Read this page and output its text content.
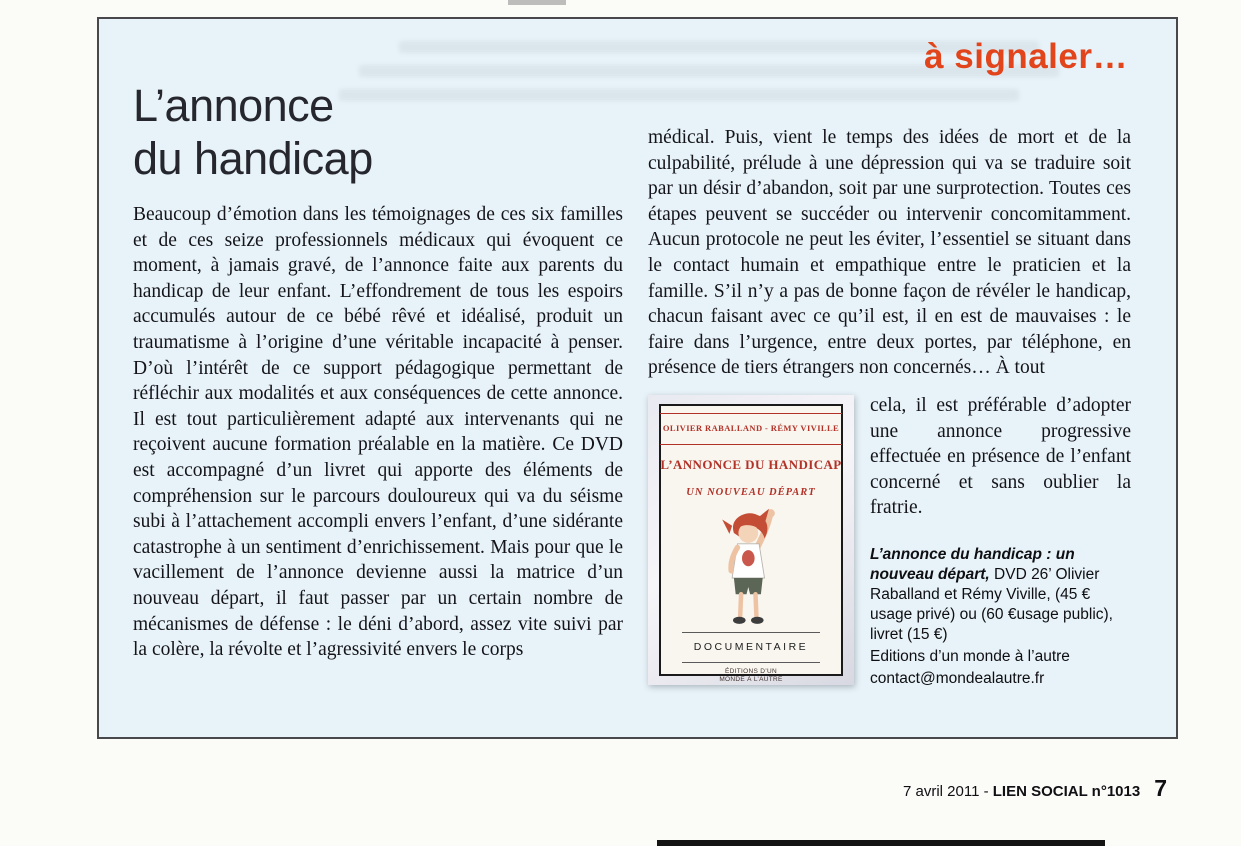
à signaler…
L’annonce
du handicap

Beaucoup d’émotion dans les témoignages de ces six familles et de ces seize professionnels médicaux qui évoquent ce moment, à jamais gravé, de l’annonce faite aux parents du handicap de leur enfant. L’effondrement de tous les espoirs accumulés autour de ce bébé rêvé et idéalisé, produit un traumatisme à l’origine d’une véritable incapacité à penser. D’où l’intérêt de ce support pédagogique permettant de réfléchir aux modalités et aux conséquences de cette annonce. Il est tout particulièrement adapté aux intervenants qui ne reçoivent aucune formation préalable en la matière. Ce DVD est accompagné d’un livret qui apporte des éléments de compréhension sur le parcours douloureux qui va du séisme subi à l’attachement accompli envers l’enfant, d’une sidérante catastrophe à un sentiment d’enrichissement. Mais pour que le vacillement de l’annonce devienne aussi la matrice d’un nouveau départ, il faut passer par un certain nombre de mécanismes de défense : le déni d’abord, assez vite suivi par la colère, la révolte et l’agressivité envers le corps

médical. Puis, vient le temps des idées de mort et de la culpabilité, prélude à une dépression qui va se traduire soit par un désir d’abandon, soit par une surprotection. Toutes ces étapes peuvent se succéder ou intervenir concomitamment. Aucun protocole ne peut les éviter, l’essentiel se situant dans le contact humain et empathique entre le praticien et la famille. S’il n’y a pas de bonne façon de révéler le handicap, chacun faisant avec ce qu’il est, il en est de mauvaises : le faire dans l’urgence, entre deux portes, par téléphone, en présence de tiers étrangers non concernés… À tout

OLIVIER RABALLAND - RÉMY VIVILLE
L’ANNONCE DU HANDICAP
UN NOUVEAU DÉPART
DOCUMENTAIRE
ÉDITIONS D’UN MONDE À L’AUTRE

cela, il est préférable d’adopter une annonce progressive effectuée en présence de l’enfant concerné et sans oublier la fratrie.

L’annonce du handicap : un nouveau départ, DVD 26’ Olivier Raballand et Rémy Viville, (45 € usage privé) ou (60 €usage public), livret (15 €)

Editions d’un monde à l’autre
contact@mondealautre.fr
7 avril 2011 - LIEN SOCIAL n°1013 7
